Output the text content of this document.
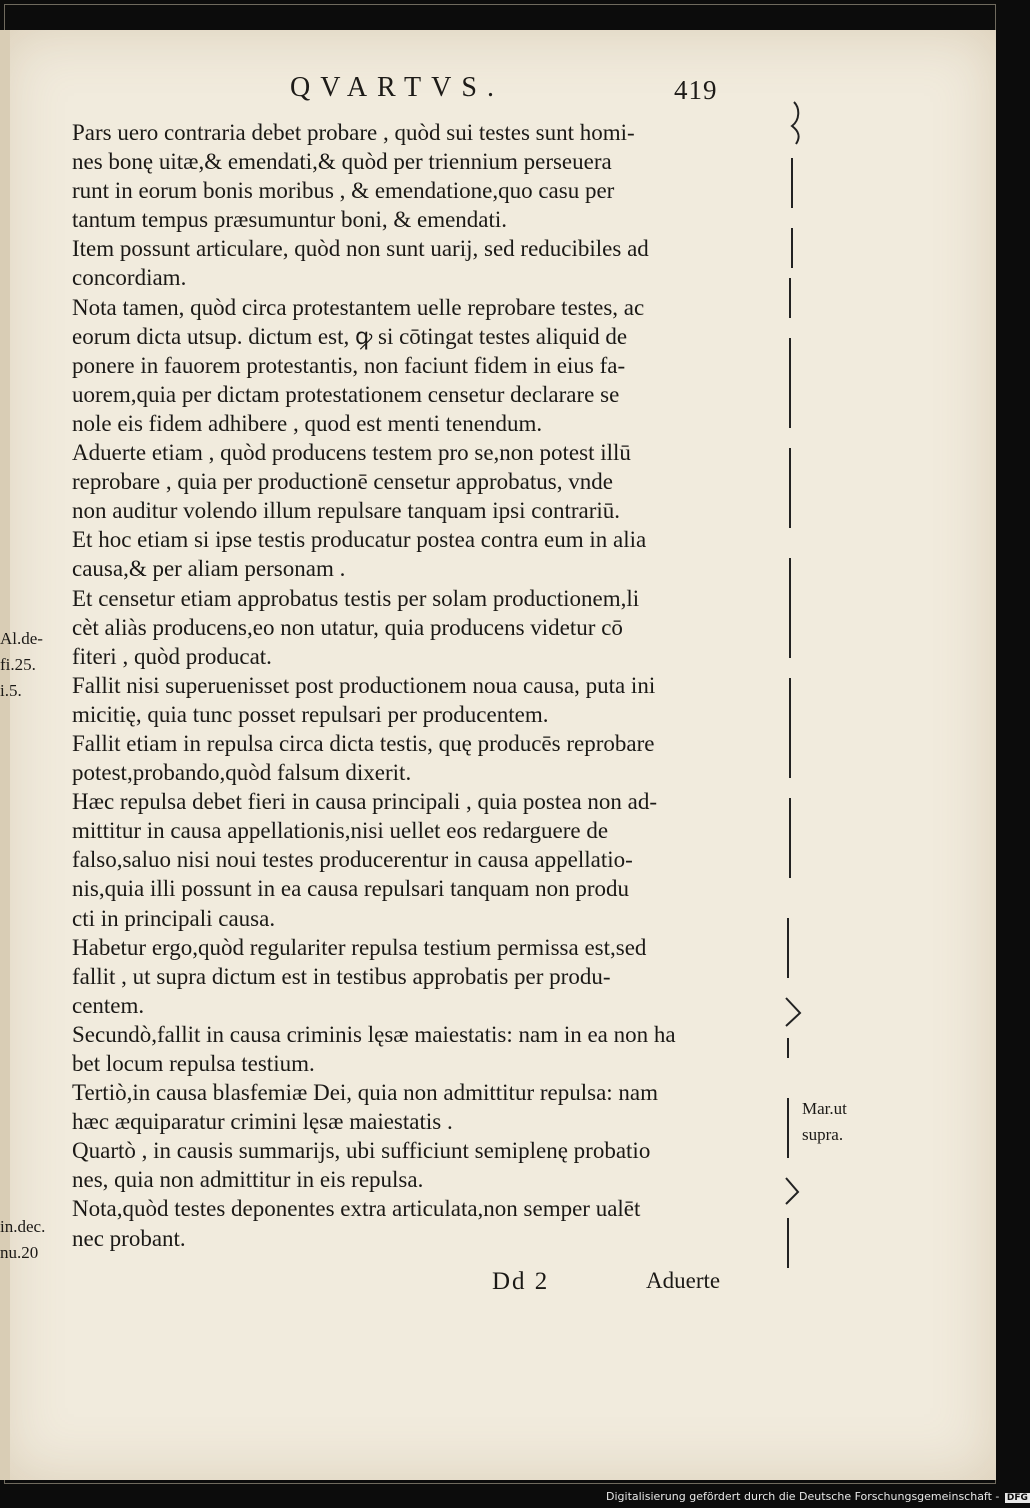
QVARTVS.	419

Pars uero contraria debet probare , quòd sui testes sunt homi-
nes bonę uitæ,& emendati,& quòd per triennium perseuera
runt in eorum bonis moribus , & emendatione,quo casu per
tantum tempus præsumuntur boni, & emendati.

Item possunt articulare, quòd non sunt uarij, sed reducibiles ad
concordiam.

Nota tamen, quòd circa protestantem uelle reprobare testes, ac
eorum dicta utsup. dictum est, ꝙ si cōtingat testes aliquid de
ponere in fauorem protestantis, non faciunt fidem in eius fa-
uorem,quia per dictam protestationem censetur declarare se
nole eis fidem adhibere , quod est menti tenendum.

Aduerte etiam , quòd producens testem pro se,non potest illū
reprobare , quia per productionē censetur approbatus, vnde
non auditur volendo illum repulsare tanquam ipsi contrariū.

Et hoc etiam si ipse testis producatur postea contra eum in alia
causa,& per aliam personam .

Et censetur etiam approbatus testis per solam productionem,li
cèt aliàs producens,eo non utatur, quia producens videtur cō
fiteri , quòd producat.

Fallit nisi superuenisset post productionem noua causa, puta ini
micitię, quia tunc posset repulsari per producentem.

Fallit etiam in repulsa circa dicta testis, quę producēs reprobare
potest,probando,quòd falsum dixerit.

Hæc repulsa debet fieri in causa principali , quia postea non ad-
mittitur in causa appellationis,nisi uellet eos redarguere de
falso,saluo nisi noui testes producerentur in causa appellatio-
nis,quia illi possunt in ea causa repulsari tanquam non produ
cti in principali causa.

Habetur ergo,quòd regulariter repulsa testium permissa est,sed
fallit , ut supra dictum est in testibus approbatis per produ-
centem.

Secundò,fallit in causa criminis lęsæ maiestatis: nam in ea non ha
bet locum repulsa testium.

Tertiò,in causa blasfemiæ Dei, quia non admittitur repulsa: nam
hæc æquiparatur crimini lęsæ maiestatis .

Quartò , in causis summarijs, ubi sufficiunt semiplenę probatio
nes, quia non admittitur in eis repulsa.

Nota,quòd testes deponentes extra articulata,non semper ualēt
nec probant.

Al.de-
fi.25.
i.5.
in.dec.
nu.20
Mar.ut
supra.
Dd 2	Aduerte
Digitalisierung gefördert durch die Deutsche Forschungsgemeinschaft - DFG
